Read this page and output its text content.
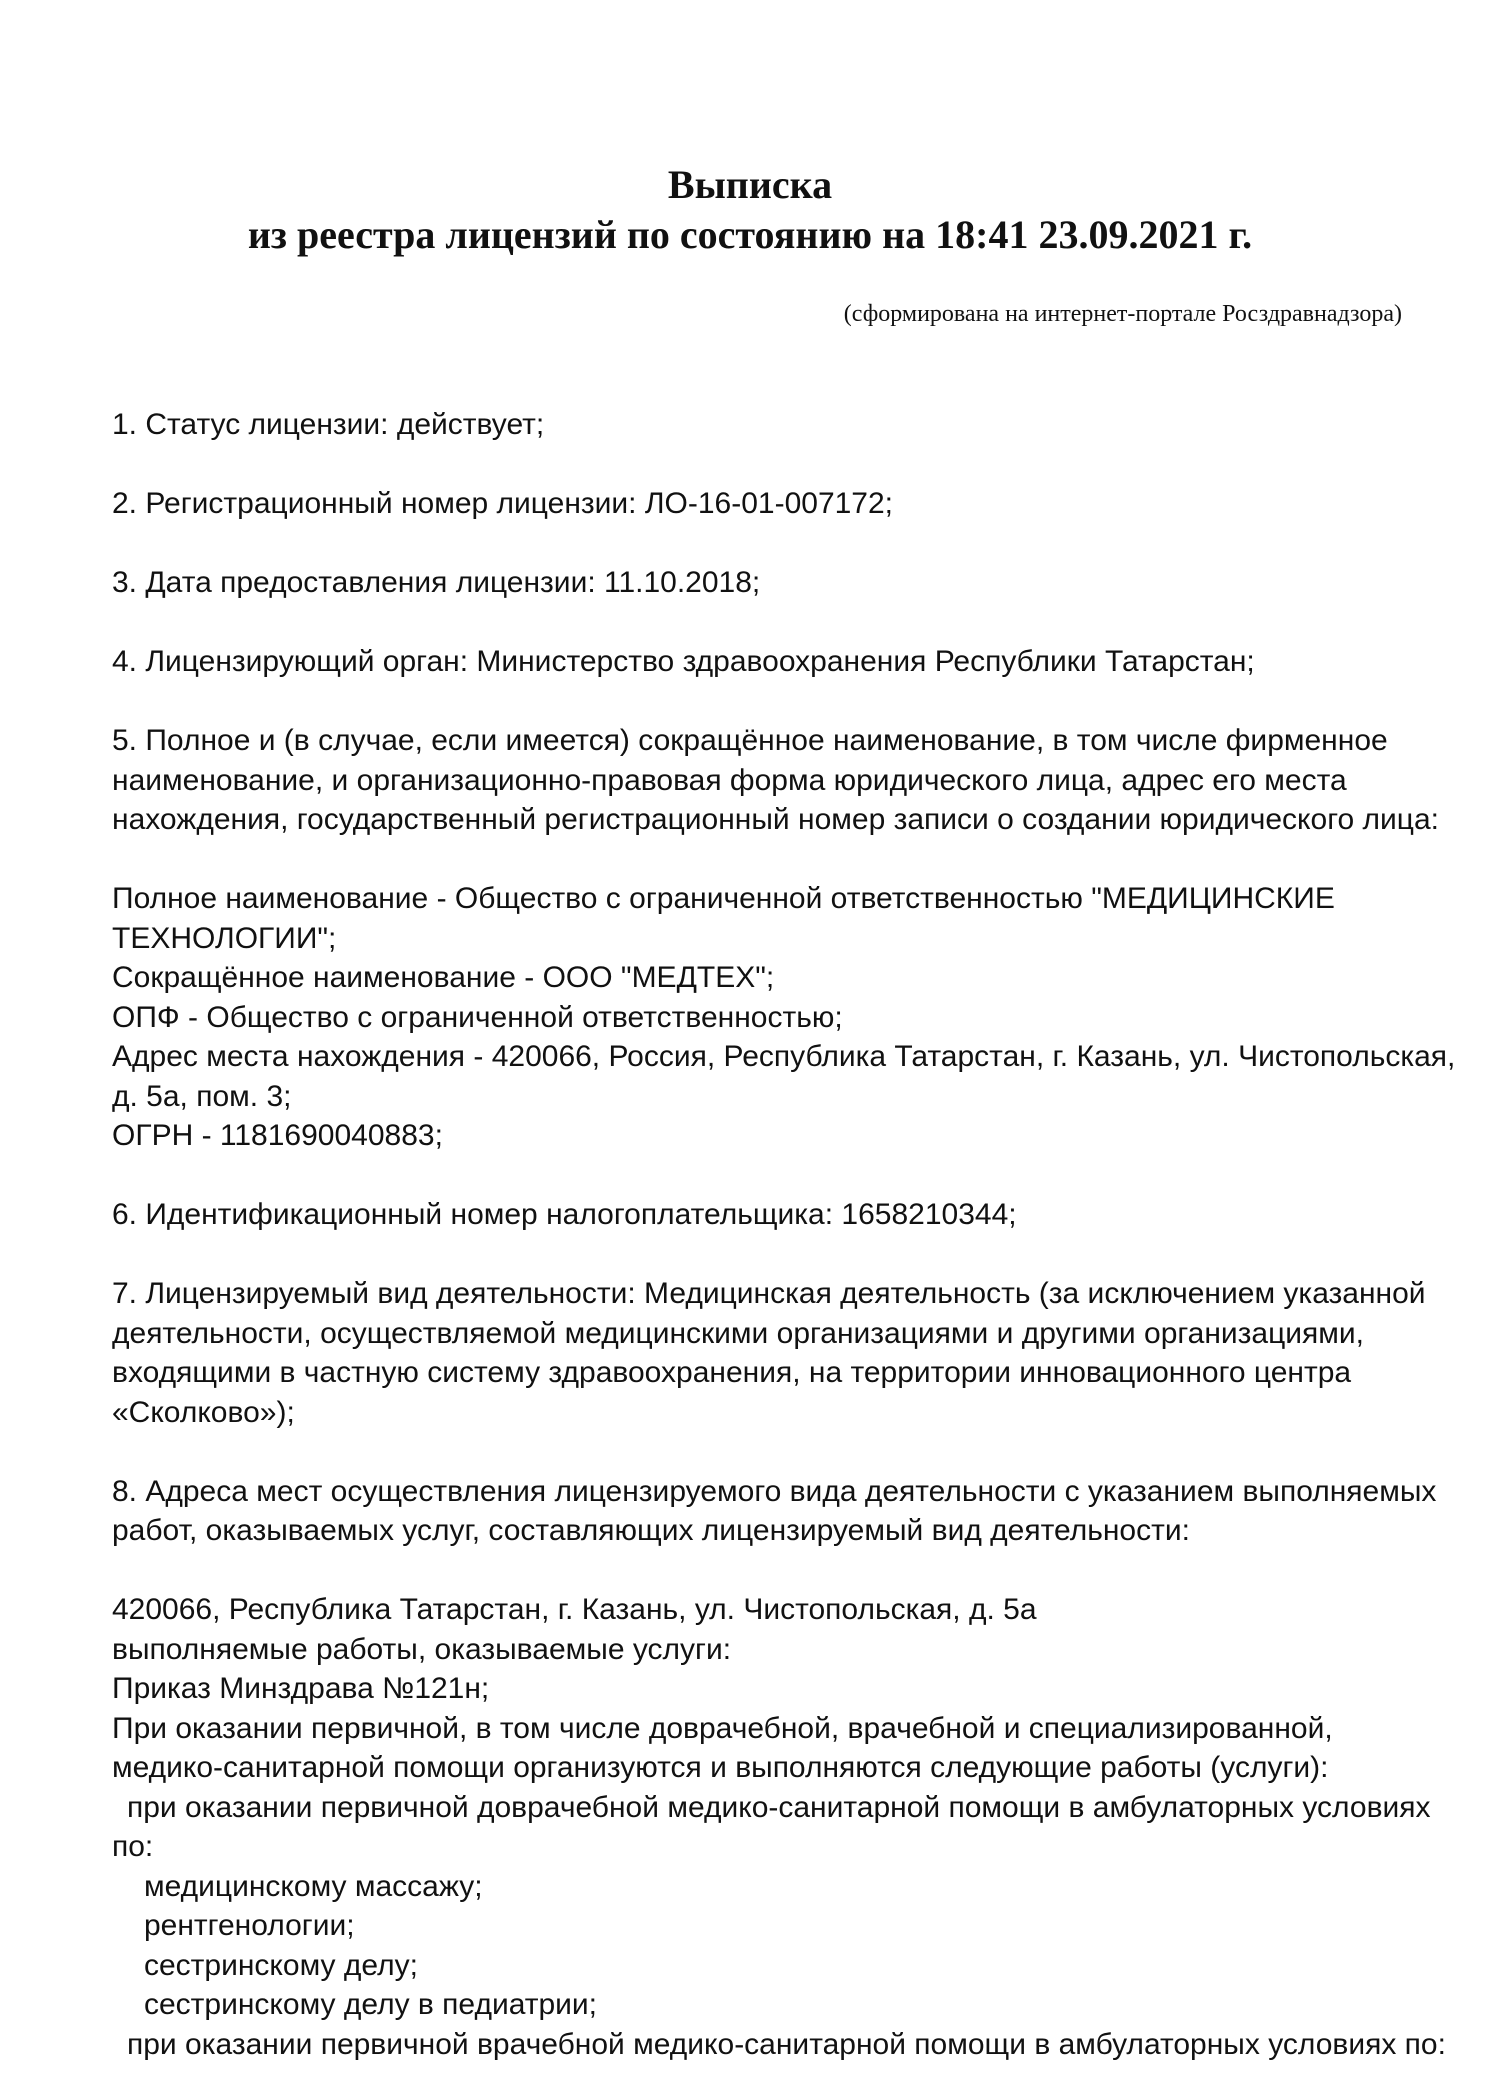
Выписка
из реестра лицензий по состоянию на 18:41 23.09.2021 г.
(сформирована на интернет-портале Росздравнадзора)

1. Статус лицензии: действует;

2. Регистрационный номер лицензии: ЛО-16-01-007172;

3. Дата предоставления лицензии: 11.10.2018;

4. Лицензирующий орган: Министерство здравоохранения Республики Татарстан;

5. Полное и (в случае, если имеется) сокращённое наименование, в том числе фирменное

наименование, и организационно-правовая форма юридического лица, адрес его места

нахождения, государственный регистрационный номер записи о создании юридического лица:

Полное наименование - Общество с ограниченной ответственностью "МЕДИЦИНСКИЕ

ТЕХНОЛОГИИ";

Сокращённое наименование - ООО "МЕДТЕХ";

ОПФ - Общество с ограниченной ответственностью;

Адрес места нахождения - 420066, Россия, Республика Татарстан, г. Казань, ул. Чистопольская,

д. 5а, пом. 3;

ОГРН - 1181690040883;

6. Идентификационный номер налогоплательщика: 1658210344;

7. Лицензируемый вид деятельности: Медицинская деятельность (за исключением указанной

деятельности, осуществляемой медицинскими организациями и другими организациями,

входящими в частную систему здравоохранения, на территории инновационного центра

«Сколково»);

8. Адреса мест осуществления лицензируемого вида деятельности с указанием выполняемых

работ, оказываемых услуг, составляющих лицензируемый вид деятельности:

420066, Республика Татарстан, г. Казань, ул. Чистопольская, д. 5а

выполняемые работы, оказываемые услуги:

Приказ Минздрава №121н;

При оказании первичной, в том числе доврачебной, врачебной и специализированной,

медико-санитарной помощи организуются и выполняются следующие работы (услуги):

при оказании первичной доврачебной медико-санитарной помощи в амбулаторных условиях

по:

медицинскому массажу;

рентгенологии;

сестринскому делу;

сестринскому делу в педиатрии;

при оказании первичной врачебной медико-санитарной помощи в амбулаторных условиях по:
